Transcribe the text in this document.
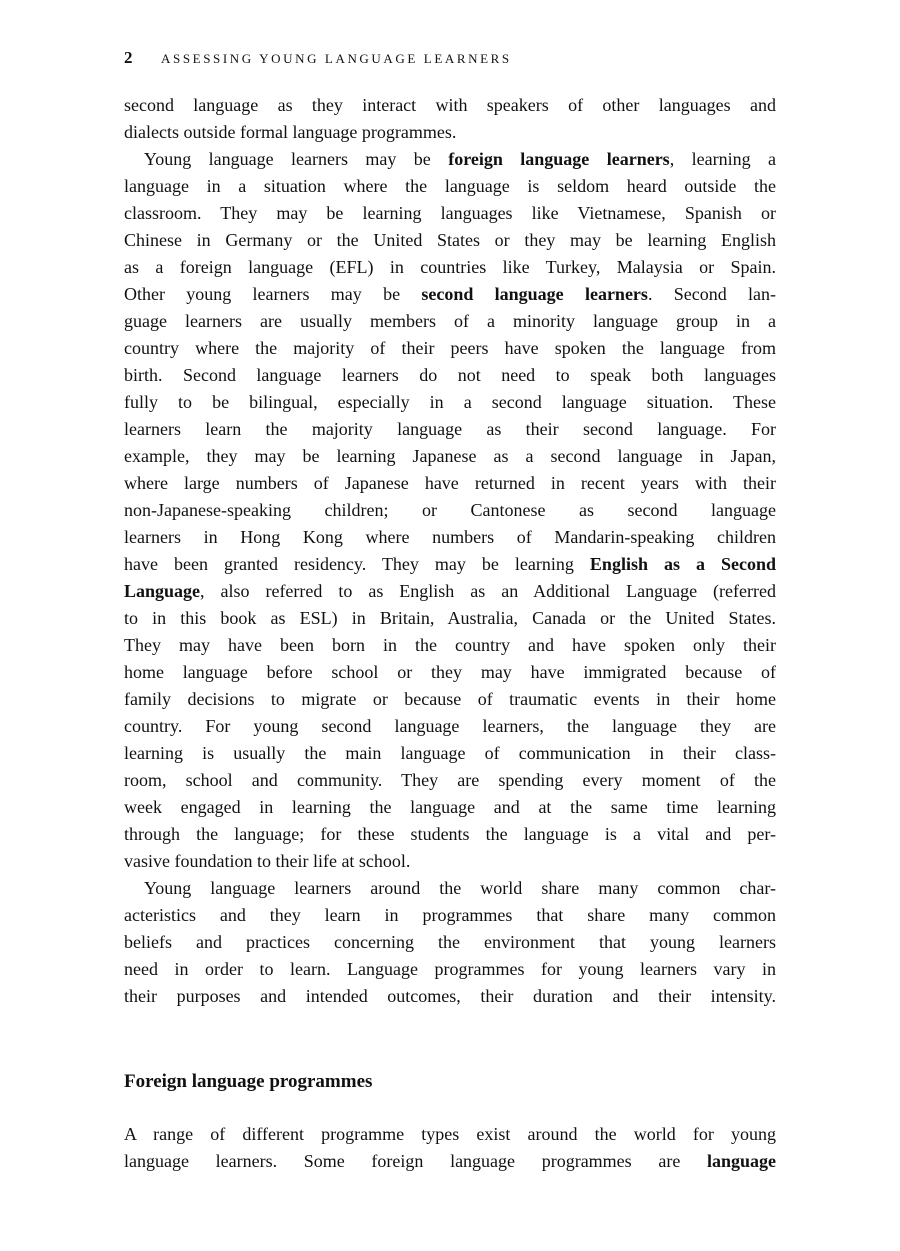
2 ASSESSING YOUNG LANGUAGE LEARNERS
second language as they interact with speakers of other languages and
dialects outside formal language programmes.
Young language learners may be foreign language learners, learning a
language in a situation where the language is seldom heard outside the
classroom. They may be learning languages like Vietnamese, Spanish or
Chinese in Germany or the United States or they may be learning English
as a foreign language (EFL) in countries like Turkey, Malaysia or Spain.
Other young learners may be second language learners. Second lan-
guage learners are usually members of a minority language group in a
country where the majority of their peers have spoken the language from
birth. Second language learners do not need to speak both languages
fully to be bilingual, especially in a second language situation. These
learners learn the majority language as their second language. For
example, they may be learning Japanese as a second language in Japan,
where large numbers of Japanese have returned in recent years with their
non-Japanese-speaking children; or Cantonese as second language
learners in Hong Kong where numbers of Mandarin-speaking children
have been granted residency. They may be learning English as a Second
Language, also referred to as English as an Additional Language (referred
to in this book as ESL) in Britain, Australia, Canada or the United States.
They may have been born in the country and have spoken only their
home language before school or they may have immigrated because of
family decisions to migrate or because of traumatic events in their home
country. For young second language learners, the language they are
learning is usually the main language of communication in their class-
room, school and community. They are spending every moment of the
week engaged in learning the language and at the same time learning
through the language; for these students the language is a vital and per-
vasive foundation to their life at school.
Young language learners around the world share many common char-
acteristics and they learn in programmes that share many common
beliefs and practices concerning the environment that young learners
need in order to learn. Language programmes for young learners vary in
their purposes and intended outcomes, their duration and their intensity.
Foreign language programmes
A range of different programme types exist around the world for young
language learners. Some foreign language programmes are language
